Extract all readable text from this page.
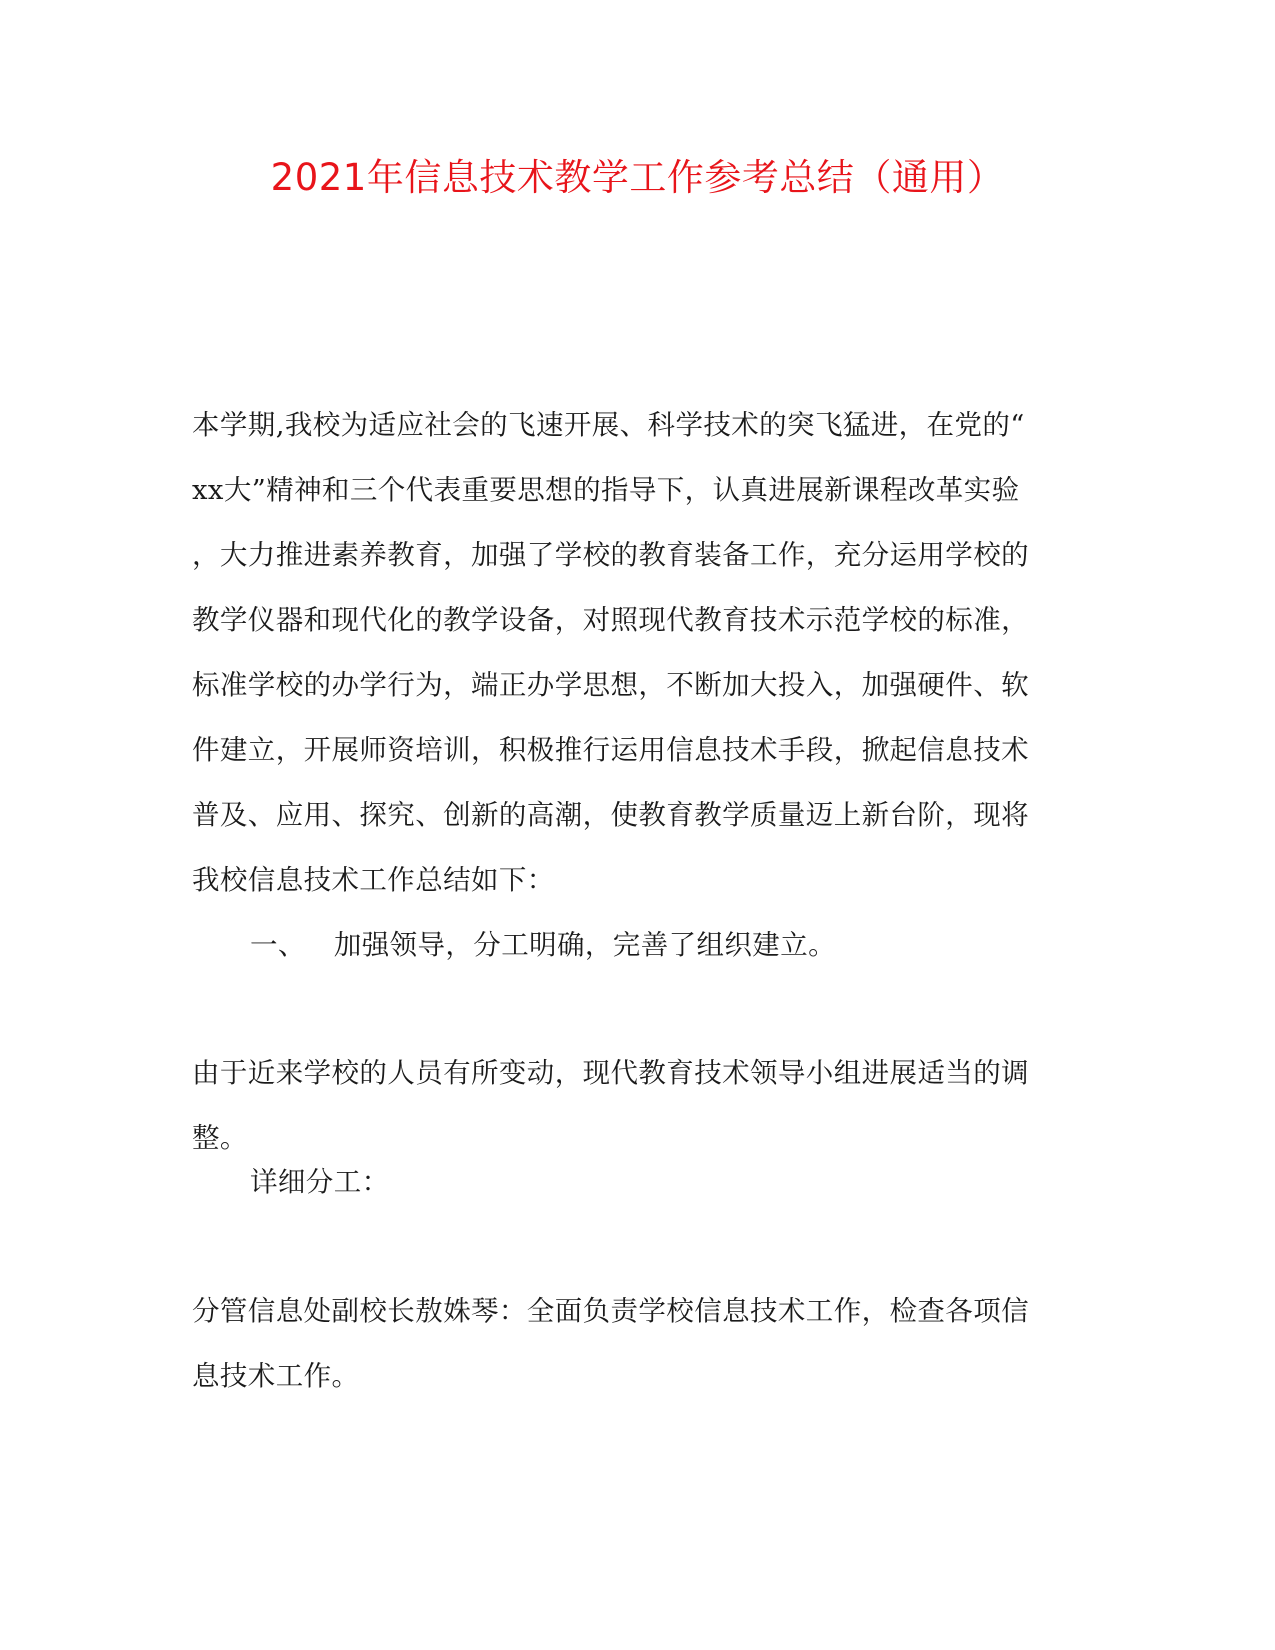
2021年信息技术教学工作参考总结（通用）
本学期,我校为适应社会的飞速开展、科学技术的突飞猛进，在党的“
xx大”精神和三个代表重要思想的指导下，认真进展新课程改革实验
，大力推进素养教育，加强了学校的教育装备工作，充分运用学校的
教学仪器和现代化的教学设备，对照现代教育技术示范学校的标准，
标准学校的办学行为，端正办学思想，不断加大投入，加强硬件、软
件建立，开展师资培训，积极推行运用信息技术手段，掀起信息技术
普及、应用、探究、创新的高潮，使教育教学质量迈上新台阶，现将
我校信息技术工作总结如下：
一、 加强领导，分工明确，完善了组织建立。
由于近来学校的人员有所变动，现代教育技术领导小组进展适当的调
整。
详细分工：
分管信息处副校长敖姝琴：全面负责学校信息技术工作，检查各项信
息技术工作。
